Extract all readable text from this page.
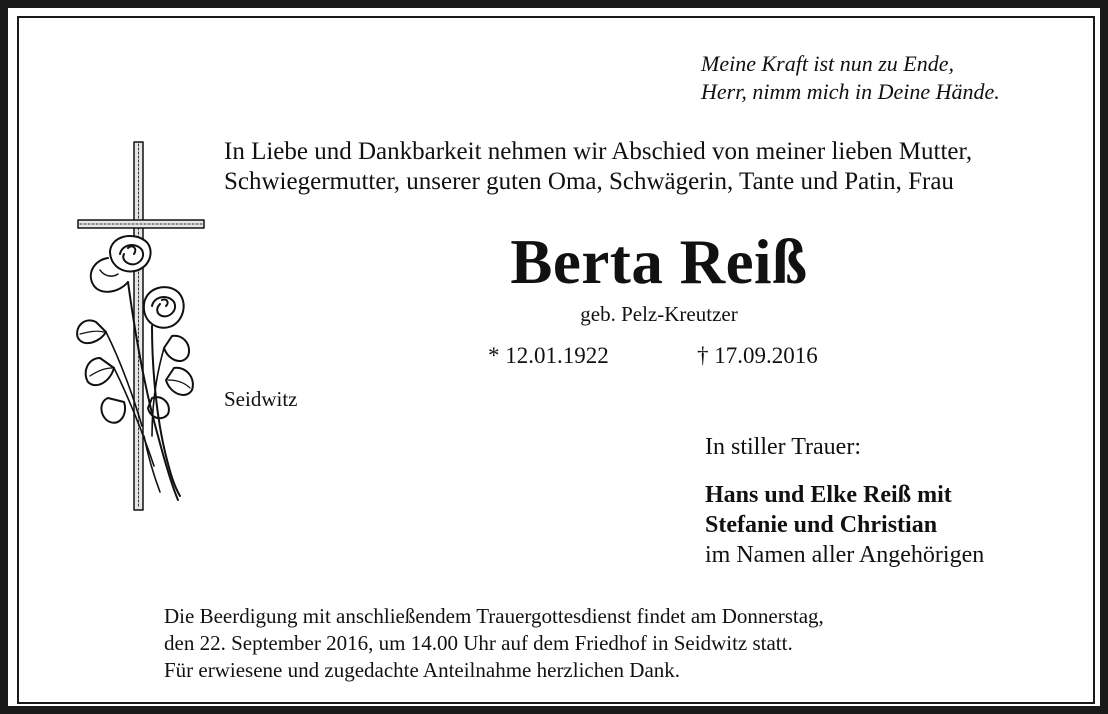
Meine Kraft ist nun zu Ende,
Herr, nimm mich in Deine Hände.
In Liebe und Dankbarkeit nehmen wir Abschied von meiner lieben Mutter,
Schwiegermutter, unserer guten Oma, Schwägerin, Tante und Patin, Frau
Berta Reiß
geb. Pelz-Kreutzer
* 12.01.1922	† 17.09.2016
Seidwitz
In stiller Trauer:
Hans und Elke Reiß mit
Stefanie und Christian
im Namen aller Angehörigen
Die Beerdigung mit anschließendem Trauergottesdienst findet am Donnerstag,
den 22. September 2016, um 14.00 Uhr auf dem Friedhof in Seidwitz statt.
Für erwiesene und zugedachte Anteilnahme herzlichen Dank.
